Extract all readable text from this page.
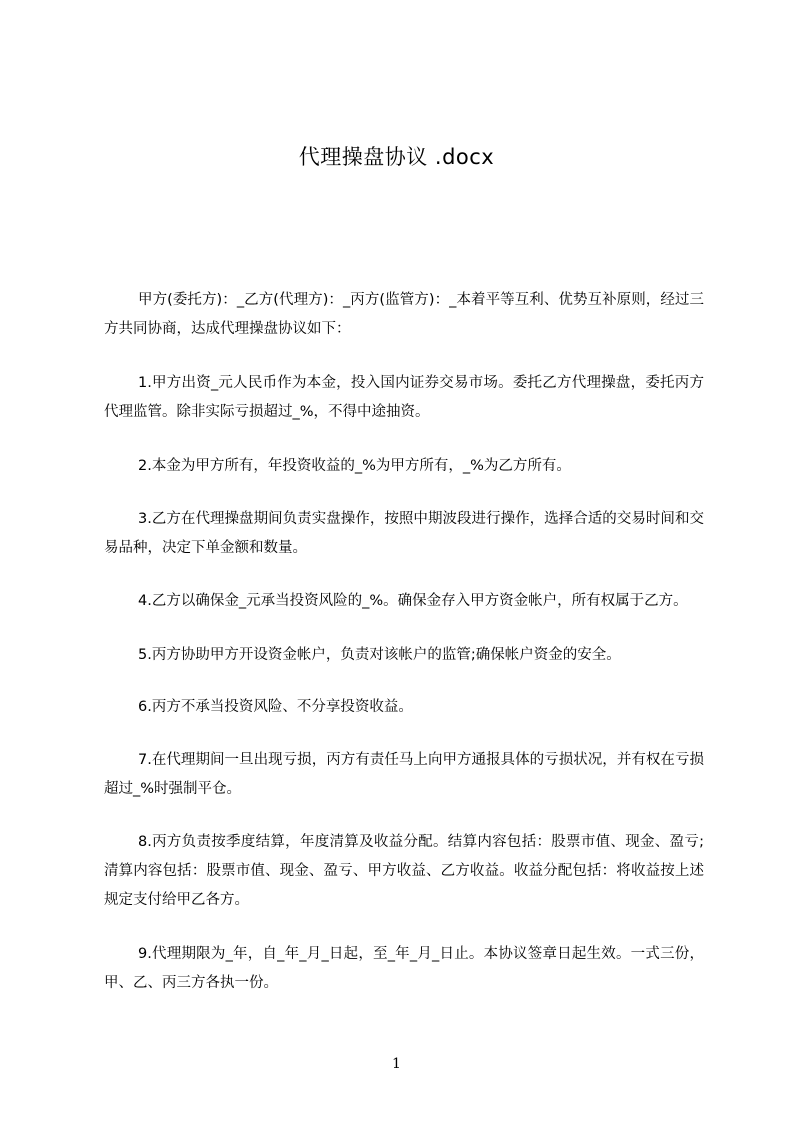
代理操盘协议 .docx

甲方(委托方)：_乙方(代理方)：_丙方(监管方)：_本着平等互利、优势互补原则，经过三方共同协商，达成代理操盘协议如下：

1.甲方出资_元人民币作为本金，投入国内证券交易市场。委托乙方代理操盘，委托丙方代理监管。除非实际亏损超过_%，不得中途抽资。

2.本金为甲方所有，年投资收益的_%为甲方所有，_%为乙方所有。

3.乙方在代理操盘期间负责实盘操作，按照中期波段进行操作，选择合适的交易时间和交易品种，决定下单金额和数量。

4.乙方以确保金_元承当投资风险的_%。确保金存入甲方资金帐户，所有权属于乙方。

5.丙方协助甲方开设资金帐户，负责对该帐户的监管;确保帐户资金的安全。

6.丙方不承当投资风险、不分享投资收益。

7.在代理期间一旦出现亏损，丙方有责任马上向甲方通报具体的亏损状况，并有权在亏损超过_%时强制平仓。

8.丙方负责按季度结算，年度清算及收益分配。结算内容包括：股票市值、现金、盈亏;清算内容包括：股票市值、现金、盈亏、甲方收益、乙方收益。收益分配包括：将收益按上述规定支付给甲乙各方。

9.代理期限为_年，自_年_月_日起，至_年_月_日止。本协议签章日起生效。一式三份，甲、乙、丙三方各执一份。

1
